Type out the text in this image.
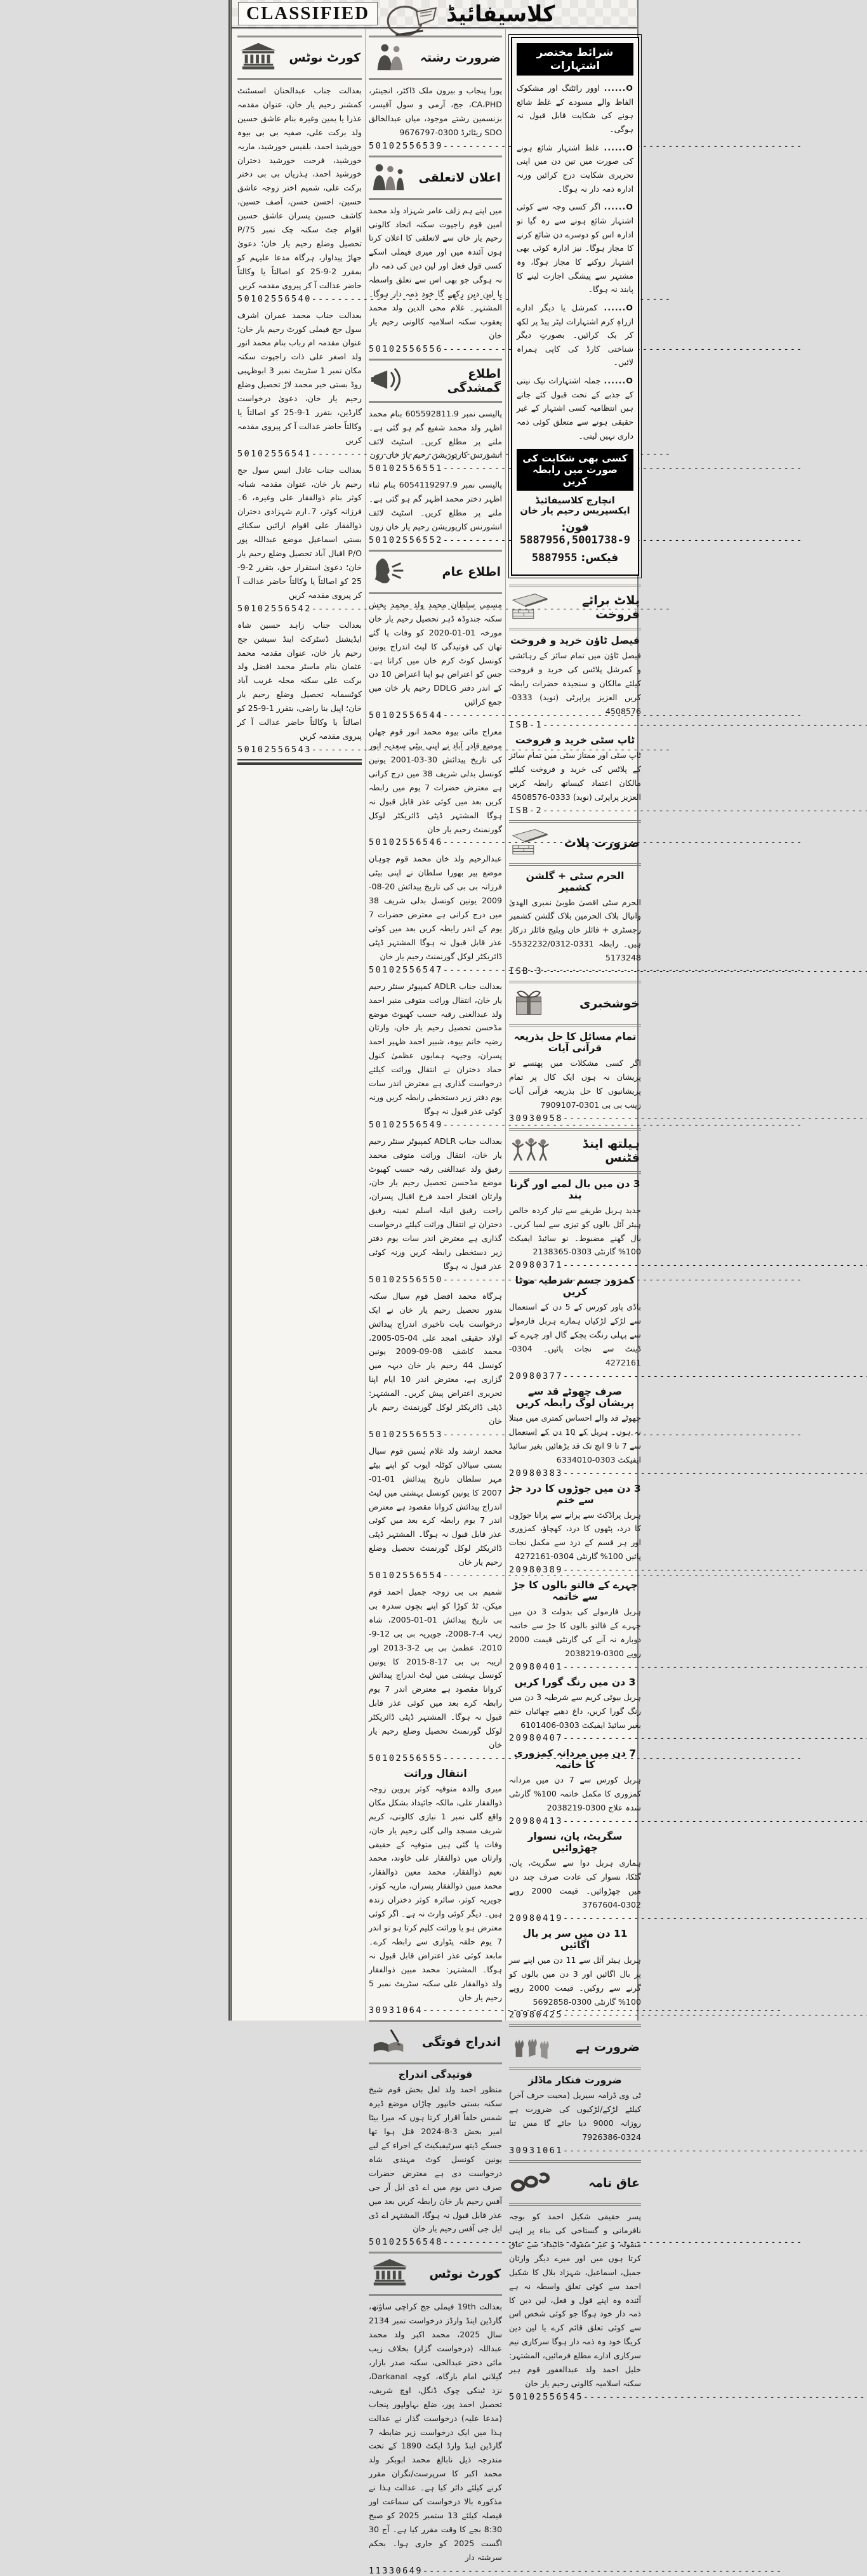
CLASSIFIED	کلاسیفائیڈ
کورٹ نوٹس

بعدالت جناب عبدالحنان اسسٹنٹ کمشنر رحیم یار خان، عنوان مقدمہ عذرا یا یمین وغیرہ بنام عاشق حسین ولد برکت علی، صفیہ بی بی بیوہ خورشید احمد، بلقیس خورشید، ماریہ خورشید، فرحت خورشید دختران خورشید احمد، ہذریاں بی بی دختر برکت علی، شمیم اختر زوجہ عاشق حسین، احسن حسن، آصف حسین، کاشف حسین پسران عاشق حسین اقوام جٹ سکنہ چک نمبر 75/P تحصیل وضلع رحیم یار خان؛ دعویٰ جھاڑ پیداوار، ہرگاہ مدعا علیہم کو بمقرر 2-9-25 کو اصالتاً یا وکالتاً حاضر عدالت آ کر پیروی مقدمہ کریں

50102556540
-----

بعدالت جناب محمد عمران اشرف سول جج فیملی کورٹ رحیم یار خان؛ عنوان مقدمہ ام رباب بنام محمد انور ولد اصغر علی ذات راجپوت سکنہ مکان نمبر 1 سٹریٹ نمبر 3 ابوظہبی روڈ بستی خیر محمد لاڑ تحصیل وضلع رحیم یار خان، دعویٰ درخواست گارڈین، بتقرر 1-9-25 کو اصالتاً یا وکالتاً حاضر عدالت آ کر پیروی مقدمہ کریں

50102556541
-----

بعدالت جناب عادل انیس سول جج رحیم یار خان، عنوان مقدمہ شبانہ کوثر بنام ذوالفقار علی وغیرہ، 6۔فرزانہ کوثر، 7۔ارم شہزادی دختران ذوالفقار علی اقوام ارائیں سکنائے بستی اسماعیل موضع عبداللہ پور P/O اقبال آباد تحصیل وضلع رحیم یار خان؛ دعویٰ استقرار حق، بتقرر 2-9-25 کو اصالتاً یا وکالتاً حاضر عدالت آ کر پیروی مقدمہ کریں

50102556542
-----

بعدالت جناب زاہد حسین شاہ ایڈیشنل ڈسٹرکٹ اینڈ سیشن جج رحیم یار خان، عنوان مقدمہ محمد عثمان بنام ماسٹر محمد افضل ولد برکت علی سکنہ محلہ غریب آباد کوٹسمابہ تحصیل وضلع رحیم یار خان؛ اپیل بنا راضی، بتقرر 1-9-25 کو اصالتاً یا وکالتاً حاضر عدالت آ کر پیروی مقدمہ کریں

50102556543
-----
ضرورت رشتہ

پورا پنجاب و بیرون ملک ڈاکٹر، انجینئر، CA،PHD، جج، آرمی و سول آفیسر، بزنسمین رشتے موجود، میاں عبدالخالق SDO ریٹائرڈ 0300-9676797

50102556539
-----
اعلان لاتعلقی

میں اپنے ہم زلف عامر شہزاد ولد محمد امین قوم راجپوت سکنہ اتحاد کالونی رحیم یار خان سے لاتعلقی کا اعلان کرتا ہوں آئندہ میں اور میری فیملی اسکے کسی قول فعل اور لین دین کی ذمہ دار نہ ہوگی جو بھی اس سے تعلق واسطہ یا لین دین رکھے گا خود ذمہ دار ہوگا۔ المشتہر۔ غلام محی الدین ولد محمد یعقوب سکنہ اسلامیہ کالونی رحیم یار خان

50102556556
-----
اطلاع گمشدگی

پالیسی نمبر 605592811.9 بنام محمد اظہر ولد محمد شفیع گم ہو گئی ہے۔ ملنے پر مطلع کریں۔ اسٹیٹ لائف انشورنس کارپوریشن رحیم یار خان زون

50102556551
-----

پالیسی نمبر 6054119297.9 بنام ثناء اظہر دختر محمد اظہر گم ہو گئی ہے۔ ملنے پر مطلع کریں۔ اسٹیٹ لائف انشورنس کارپوریشن رحیم یار خان زون

50102556552
-----
اطلاع عام

مسمی سلطان محمد ولد محمد بخش سکنہ جندوڈہ ڈہر تحصیل رحیم یار خان مورخہ 01-01-2020 کو وفات پا گئے تھان کی فوتیدگی کا لیٹ اندراج یونین کونسل کوٹ کرم خان میں کرانا ہے۔ جس کو اعتراض ہو اپنا اعتراض 10 دن کے اندر دفتر DDLG رحیم یار خان میں جمع کرائیں

50102556544
-----

معراج مائی بیوہ محمد انور قوم جھلن موضع قادر آباد نے اپنی بیٹی سعدیہ انور کی تاریخ پیدائش 30-03-2001 یونین کونسل بدلی شریف 38 میں درج کرانی ہے معترض حضرات 7 یوم میں رابطہ کریں بعد میں کوئی عذر قابل قبول نہ ہوگا المشتہر ڈپٹی ڈائریکٹر لوکل گورنمنٹ رحیم یار خان

50102556546
-----

عبدالرحیم ولد خان محمد قوم چوہان موضع پیر بھورا سلطان نے اپنی بیٹی فرزانہ بی بی کی تاریخ پیدائش 20-08-2009 یونین کونسل بدلی شریف 38 میں درج کرانی ہے معترض حضرات 7 یوم کے اندر رابطہ کریں بعد میں کوئی عذر قابل قبول نہ ہوگا المشتہر ڈپٹی ڈائریکٹر لوکل گورنمنٹ رحیم یار خان

50102556547
-----

بعدالت جناب ADLR کمپیوٹر سنٹر رحیم یار خان، انتقال وراثت متوفی منیر احمد ولد عبدالغنی رقبہ حسب کھیوٹ موضع مڈحسن تحصیل رحیم یار خان، وارثان رضیہ خانم بیوہ، شبیر احمد ظہیر احمد پسران، وجیہہ ہمایوں عظمیٰ کنول حماد دختران نے انتقال وراثت کیلئے درخواست گذاری ہے معترض اندر سات یوم دفتر زیر دستخطی رابطہ کریں ورنہ کوئی عذر قبول نہ ہوگا

50102556549
-----

بعدالت جناب ADLR کمپیوٹر سنٹر رحیم یار خان، انتقال وراثت متوفی محمد رفیق ولد عبدالغنی رقبہ حسب کھیوٹ موضع مڈحسن تحصیل رحیم یار خان، وارثان افتخار احمد فرخ اقبال پسران، راحت رفیق انیلہ اسلم ثمینہ رفیق دختران نے انتقال وراثت کیلئے درخواست گذاری ہے معترض اندر سات یوم دفتر زیر دستخطی رابطہ کریں ورنہ کوئی عذر قبول نہ ہوگا

50102556550
-----

ہرگاہ محمد افضل قوم سیال سکنہ بندور تحصیل رحیم یار خان نے ایک درخواست بابت تاخیری اندراج پیدائش اولاد حقیقی امجد علی 04-05-2005، محمد کاشف 08-09-2009 یونین کونسل 44 رحیم یار خان دیہہ میں گزاری ہے، معترض اندر 10 ایام اپنا تحریری اعتراض پیش کریں۔ المشتہر: ڈپٹی ڈائریکٹر لوکل گورنمنٹ رحیم یار خان

50102556553
-----

محمد ارشد ولد غلام یٰسین قوم سیال بستی سیالاں کوٹلہ ایوب کو اپنے بیٹے مہر سلطان تاریخ پیدائش 01-01-2007 کا یونین کونسل بہشتی میں لیٹ اندراج پیدائش کروانا مقصود ہے معترض اندر 7 یوم رابطہ کرے بعد میں کوئی عذر قابل قبول نہ ہوگا۔ المشتہر ڈپٹی ڈائریکٹر لوکل گورنمنٹ تحصیل وضلع رحیم یار خان

50102556554
-----

شمیم بی بی زوجہ جمیل احمد قوم میکن، ٹڈ کوڑا کو اپنے بچوں سدرہ بی بی تاریخ پیدائش 01-01-2005، شاہ زیب 4-7-2008، جویریہ بی بی 12-9-2010، عظمیٰ بی بی 2-3-2013 اور اریبہ بی بی 17-8-2015 کا یونین کونسل بہشتی میں لیٹ اندراج پیدائش کروانا مقصود ہے معترض اندر 7 یوم رابطہ کرے بعد میں کوئی عذر قابل قبول نہ ہوگا۔ المشتہر ڈپٹی ڈائریکٹر لوکل گورنمنٹ تحصیل وضلع رحیم یار خان

50102556555
-----
انتقال وراثت

میری والدہ متوفیہ کوثر پروین زوجہ ذوالفقار علی، مالکہ جائیداد بشکل مکان واقع گلی نمبر 1 نیازی کالونی، کریم شریف مسجد والی گلی رحیم یار خان، وفات پا گئی ہیں متوفیہ کے حقیقی وارثان میں ذوالفقار علی خاوند، محمد نعیم ذوالفقار، محمد معین ذوالفقار، محمد مبین ذوالفقار پسران، ماریہ کوثر، جویریہ کوثر، سائرہ کوثر دختران زندہ ہیں۔ دیگر کوئی وارث نہ ہے۔ اگر کوئی معترض ہو یا وراثت کلیم کرتا ہو تو اندر 7 یوم حلقہ پٹواری سے رابطہ کرے۔ مابعد کوئی عذر اعتراض قابل قبول نہ ہوگا۔ المشتہر: محمد مبین ذوالفقار ولد ذوالفقار علی سکنہ سٹریٹ نمبر 5 رحیم یار خان

30931064
-----
اندراج فوتگی
فوتیدگی اندراج

منظور احمد ولد لعل بخش قوم شیخ سکنہ بستی خانپور چاڑاں موضع ڈیرہ شمس حلفاً اقرار کرتا ہوں کہ میرا بیٹا امیر بخش 3-8-2024 قتل ہوا تھا جسکے ڈیتھ سرٹیفیکیٹ کے اجراء کے لیے یونین کونسل کوٹ مہندی شاہ درخواست دی ہے معترض حضرات صرف دس یوم میں اے ڈی ایل آر جی آفس رحیم یار خان رابطہ کریں بعد میں عذر قابل قبول نہ ہوگا، المشتہر اے ڈی ایل جی آفس رحیم یار خان

50102556548
-----
کورٹ نوٹس

بعدالت 19th فیملی جج کراچی ساؤتھ، گارڈین اینڈ وارڈز درخواست نمبر 2134 سال 2025، محمد اکبر ولد محمد عبداللہ (درخواست گزار) بخلاف زیب مائی دختر عبدالحی، سکنہ صدر بازار، گیلانی امام بارگاہ، کوچہ Darkanal، نزد ٹینکی چوک ڈنگل، اوچ شریف، تحصیل احمد پور، ضلع بہاولپور پنجاب (مدعا علیہ) درخواست گذار نے عدالت ہذا میں ایک درخواست زیر ضابطہ 7 گارڈین اینڈ وارڈ ایکٹ 1890 کے تحت مندرجہ ذیل نابالغ محمد ابوبکر ولد محمد اکبر کا سرپرست/نگران مقرر کرنے کیلئے دائر کیا ہے۔ عدالت ہذا نے مذکورہ بالا درخواست کی سماعت اور فیصلہ کیلئے 13 ستمبر 2025 کو صبح 8:30 بجے کا وقت مقرر کیا ہے۔ آج 30 اگست 2025 کو جاری ہوا۔ بحکم سرشتہ دار

11330649
-----
شرائط مختصر اشتہارات

O...... اوور رائٹنگ اور مشکوک الفاظ والے مسودے کے غلط شائع ہونے کی شکایت قابل قبول نہ ہوگی۔

O...... غلط اشتہار شائع ہونے کی صورت میں تین دن میں اپنی تحریری شکایت درج کرائیں ورنہ ادارہ ذمہ دار نہ ہوگا۔

O...... اگر کسی وجہ سے کوئی اشتہار شائع ہونے سے رہ گیا تو ادارہ اس کو دوسرے دن شائع کرنے کا مجاز ہوگا۔ نیز ادارہ کوئی بھی اشتہار روکنے کا مجاز ہوگا، وہ مشتہر سے پیشگی اجازت لینے کا پابند نہ ہوگا۔

O...... کمرشل یا دیگر ادارے ازراہِ کرم اشتہارات لیٹر پیڈ پر لکھ کر بک کرائیں۔ بصورتِ دیگر شناختی کارڈ کی کاپی ہمراہ لائیں۔

O...... جملہ اشتہارات نیک نیتی کے جذبے کے تحت قبول کئے جاتے ہیں انتظامیہ کسی اشتہار کے غیر حقیقی ہونے سے متعلق کوئی ذمہ داری نہیں لیتی۔

کسی بھی شکایت کی صورت میں رابطہ کریں
انچارج کلاسیفائیڈ ایکسپریس رحیم یار خان
فون: 5887956,5001738-9
فیکس: 5887955
پلاٹ برائے فروخت
فیصل ٹاؤن خرید و فروخت

فیصل ٹاؤن میں تمام سائز کے رہائشی و کمرشل پلاٹس کی خرید و فروخت کیلئے مالکان و سنجیدہ حضرات رابطہ کریں العزیز پراپرٹی (نوید) 0333-4508576

ISB-1
-----
ٹاپ سٹی خرید و فروخت

ٹاپ سٹی اور ممتاز سٹی میں تمام سائز کے پلاٹس کی خرید و فروخت کیلئے مالکان اعتماد کیساتھ رابطہ کریں العزیز پراپرٹی (نوید) 0333-4508576

ISB-2
-----
ضرورت پلاٹ
الحرم سٹی + گلشن کشمیر

الحرم سٹی اقصیٰ طوبیٰ نمبری الھدیٰ وانیال بلاک الحرمین بلاک گلشن کشمیر رجسٹری + فائلز خان ویلیج فائلز درکار ہیں۔ رابطہ 0331-5532232/0312-5173248

ISB-3
-----
خوشخبری
تمام مسائل کا حل بذریعہ قرآنی آیات

اگر کسی مشکلات میں پھنسے تو پریشان نہ ہوں ایک کال پر تمام پریشانیوں کا حل بذریعہ قرآنی آیات زینب بی بی 0301-7909107

30930958
-----
ہیلتھ اینڈ فٹنس
3 دن میں بال لمبے اور گرنا بند

جدید ہربل طریقے سے تیار کردہ خالص ہیئر آئل بالوں کو تیزی سے لمبا کریں۔ بال گھنے مضبوط۔ نو سائیڈ ایفیکٹ 100% گارنٹی 0303-2138365

20980371
-----
کمزور جسم شرطیہ موٹا کریں

باڈی پاور کورس کے 5 دن کے استعمال سے لڑکے لڑکیاں ہمارے ہربل فارمولے سے پہلی رنگت پچکے گال اور چہرے کے ڈینٹ سے نجات پائیں۔ 0304-4272161

20980377
-----
صرف چھوٹے قد سے پریشان لوگ رابطہ کریں

چھوٹے قد والے احساس کمتری میں مبتلا نہ ہوں۔ ہربل کے 10 دن کے استعمال سے 7 تا 9 انچ تک قد بڑھائیں بغیر سائیڈ ایفیکٹ 0303-6334010

20980383
-----
3 دن میں جوڑوں کا درد جڑ سے ختم

ہربل پراڈکٹ سے پرانے سے پرانا جوڑوں کا درد، پٹھوں کا درد، کھچاؤ، کمزوری اور ہر قسم کے درد سے مکمل نجات پائیں 100% گارنٹی 0304-4272161

20980389
-----
چہرے کے فالتو بالوں کا جڑ سے خاتمہ

ہربل فارمولے کی بدولت 3 دن میں چہرے کے فالتو بالوں کا جڑ سے خاتمہ دوبارہ نہ آنے کی گارنٹی قیمت 2000 روپے 0300-2038219

20980401
-----
3 دن میں رنگ گورا کریں

ہربل بیوٹی کریم سے شرطیہ 3 دن میں رنگ گورا کریں، داغ دھبے چھائیاں ختم بغیر سائیڈ ایفیکٹ 0303-6101406

20980407
-----
7 دن میں مردانہ کمزوری کا خاتمہ

ہربل کورس سے 7 دن میں مردانہ کمزوری کا مکمل خاتمہ 100% گارنٹی شدہ علاج 0300-2038219

20980413
-----
سگریٹ، پان، نسوار چھڑوائیں

ہماری ہربل دوا سے سگریٹ، پان، گٹکا، نسوار کی عادت صرف چند دن میں چھڑوائیں۔ قیمت 2000 روپے 0302-3767604

20980419
-----
11 دن میں سر پر بال اگائیں

ہربل ہیئر آئل سے 11 دن میں اپنے سر پر بال اگائیں اور 3 دن میں بالوں کو گرنے سے روکیں۔ قیمت 2000 روپے 100% گارنٹی 0300-5692858

20980425
-----
ضرورت ہے
ضرورت فنکار ماڈلز

ٹی وی ڈرامہ سیریل (محبت حرف آخر) کیلئے لڑکے/لڑکیوں کی ضرورت ہے روزانہ 9000 دیا جائے گا مس ثنا 0324-7926386

30931061
-----
عاق نامہ

پسر حقیقی شکیل احمد کو بوجہ نافرمانی و گستاخی کی بناء پر اپنی منقولہ و غیر منقولہ جائیداد سے عاق کرتا ہوں میں اور میرے دیگر وارثان جمیل، اسماعیل، شہزاد بلال کا شکیل احمد سے کوئی تعلق واسطہ نہ ہے آئندہ وہ اپنے قول و فعل، لین دین کا ذمہ دار خود ہوگا جو کوئی شخص اس سے کوئی تعلق قائم کرے یا لین دین کریگا خود وہ ذمہ دار ہوگا سرکاری نیم سرکاری ادارے مطلع فرمائیں، المشتہر: خلیل احمد ولد عبدالغفور قوم ہیر سکنہ اسلامیہ کالونی رحیم یار خان

50102556545
-----
